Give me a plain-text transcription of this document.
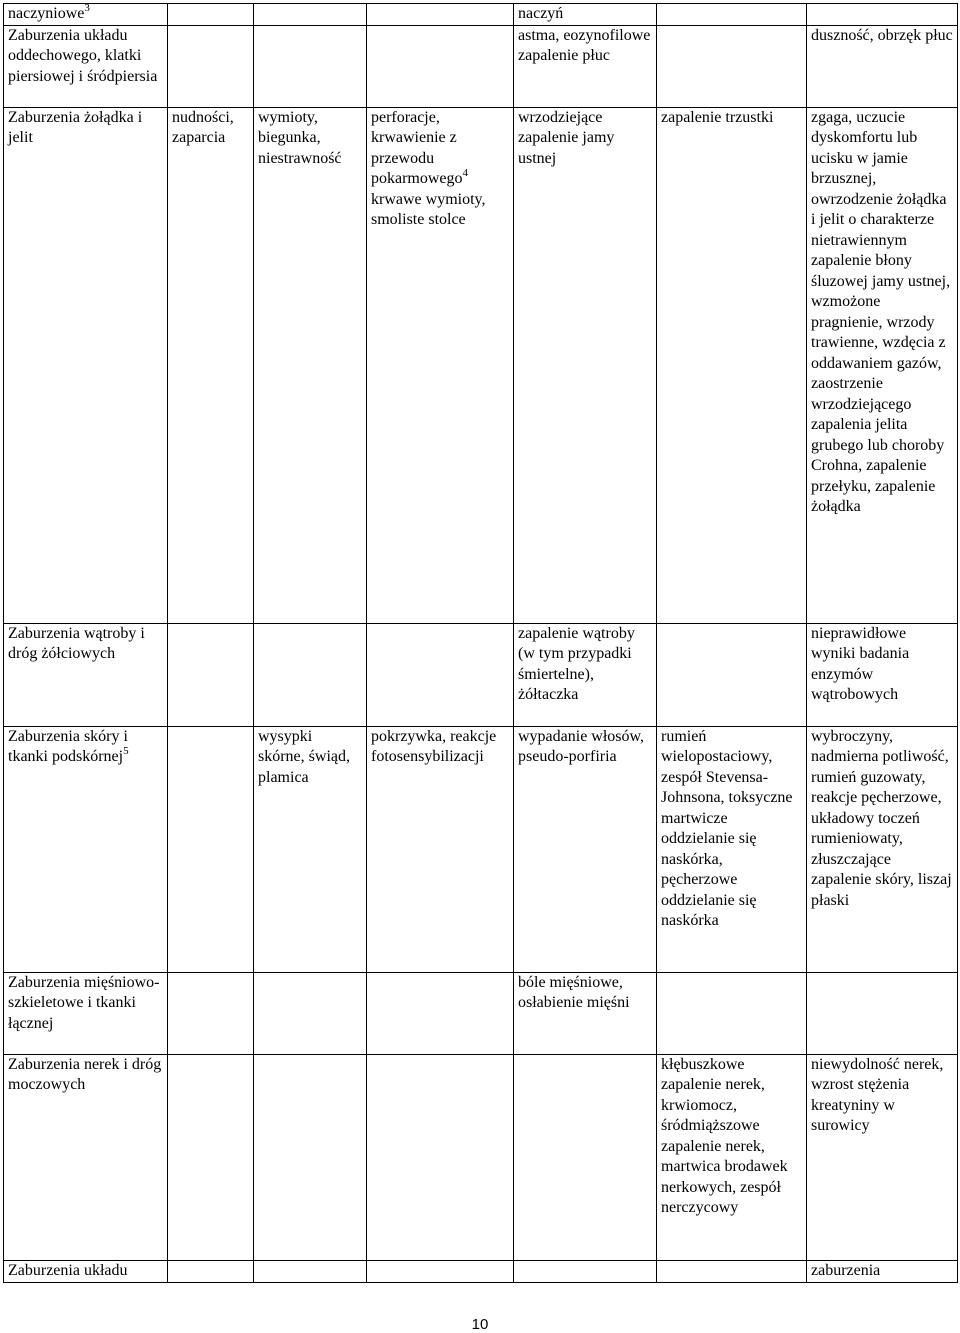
naczyniowe$^3$				naczyń		
Zaburzenia układu oddechowego, klatki piersiowej i śródpiersia				astma, eozynofilowe zapalenie płuc		duszność, obrzęk płuc
Zaburzenia żołądka i jelit	nudności, zaparcia	wymioty, biegunka, niestrawność	perforacje, krwawienie z przewodu pokarmowego$^4$ krwawe wymioty, smoliste stolce	wrzodziejące zapalenie jamy ustnej	zapalenie trzustki	zgaga, uczucie dyskomfortu lub ucisku w jamie brzusznej, owrzodzenie żołądka i jelit o charakterze nietrawiennym zapalenie błony śluzowej jamy ustnej, wzmożone pragnienie, wrzody trawienne, wzdęcia z oddawaniem gazów, zaostrzenie wrzodziejącego zapalenia jelita grubego lub choroby Crohna, zapalenie przełyku, zapalenie żołądka
Zaburzenia wątroby i dróg żółciowych				zapalenie wątroby (w tym przypadki śmiertelne), żółtaczka		nieprawidłowe wyniki badania enzymów wątrobowych
Zaburzenia skóry i tkanki podskórnej$^5$		wysypki skórne, świąd, plamica	pokrzywka, reakcje fotosensybilizacji	wypadanie włosów, pseudo-porfiria	rumień wielopostaciowy, zespół Stevensa-Johnsona, toksyczne martwicze oddzielanie się naskórka, pęcherzowe oddzielanie się naskórka	wybroczyny, nadmierna potliwość, rumień guzowaty, reakcje pęcherzowe, układowy toczeń rumieniowaty, złuszczające zapalenie skóry, liszaj płaski
Zaburzenia mięśniowo-szkieletowe i tkanki łącznej				bóle mięśniowe, osłabienie mięśni		
Zaburzenia nerek i dróg moczowych					kłębuszkowe zapalenie nerek, krwiomocz, śródmiąższowe zapalenie nerek, martwica brodawek nerkowych, zespół nerczycowy	niewydolność nerek, wzrost stężenia kreatyniny w surowicy
Zaburzenia układu						zaburzenia
10
